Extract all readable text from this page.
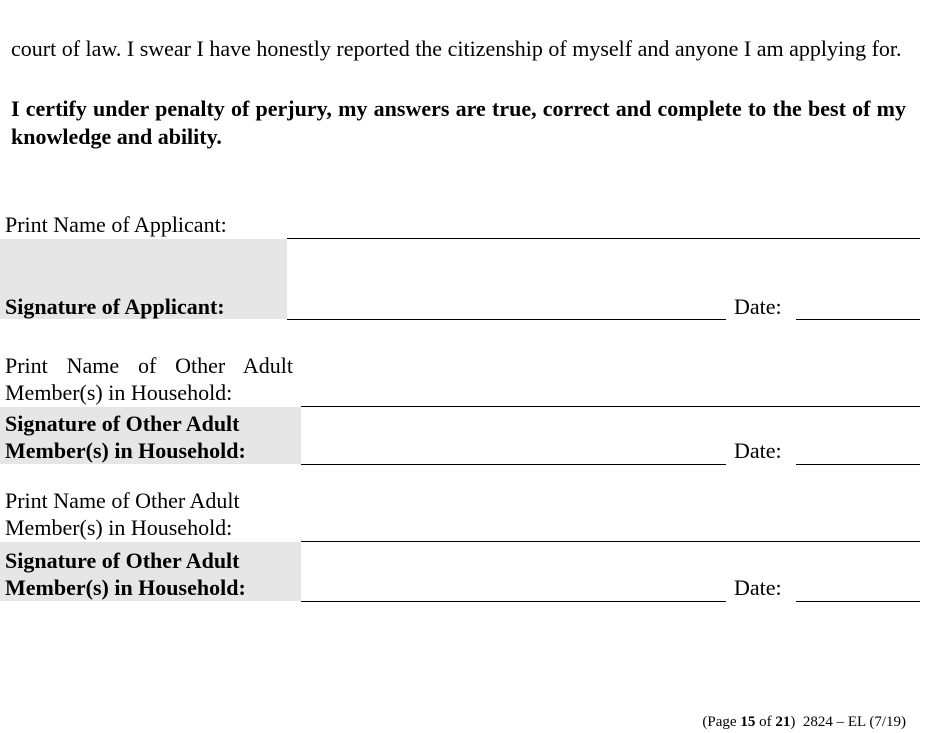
court of law. I swear I have honestly reported the citizenship of myself and anyone I am applying for.
I certify under penalty of perjury, my answers are true, correct and complete to the best of my knowledge and ability.
Print Name of Applicant:
Signature of Applicant:	Date:
Print Name of Other Adult
Member(s) in Household:
Signature of Other Adult
Member(s) in Household:	Date:
Print Name of Other Adult
Member(s) in Household:
Signature of Other Adult
Member(s) in Household:	Date:
(Page 15 of 21) 2824 – EL (7/19)
